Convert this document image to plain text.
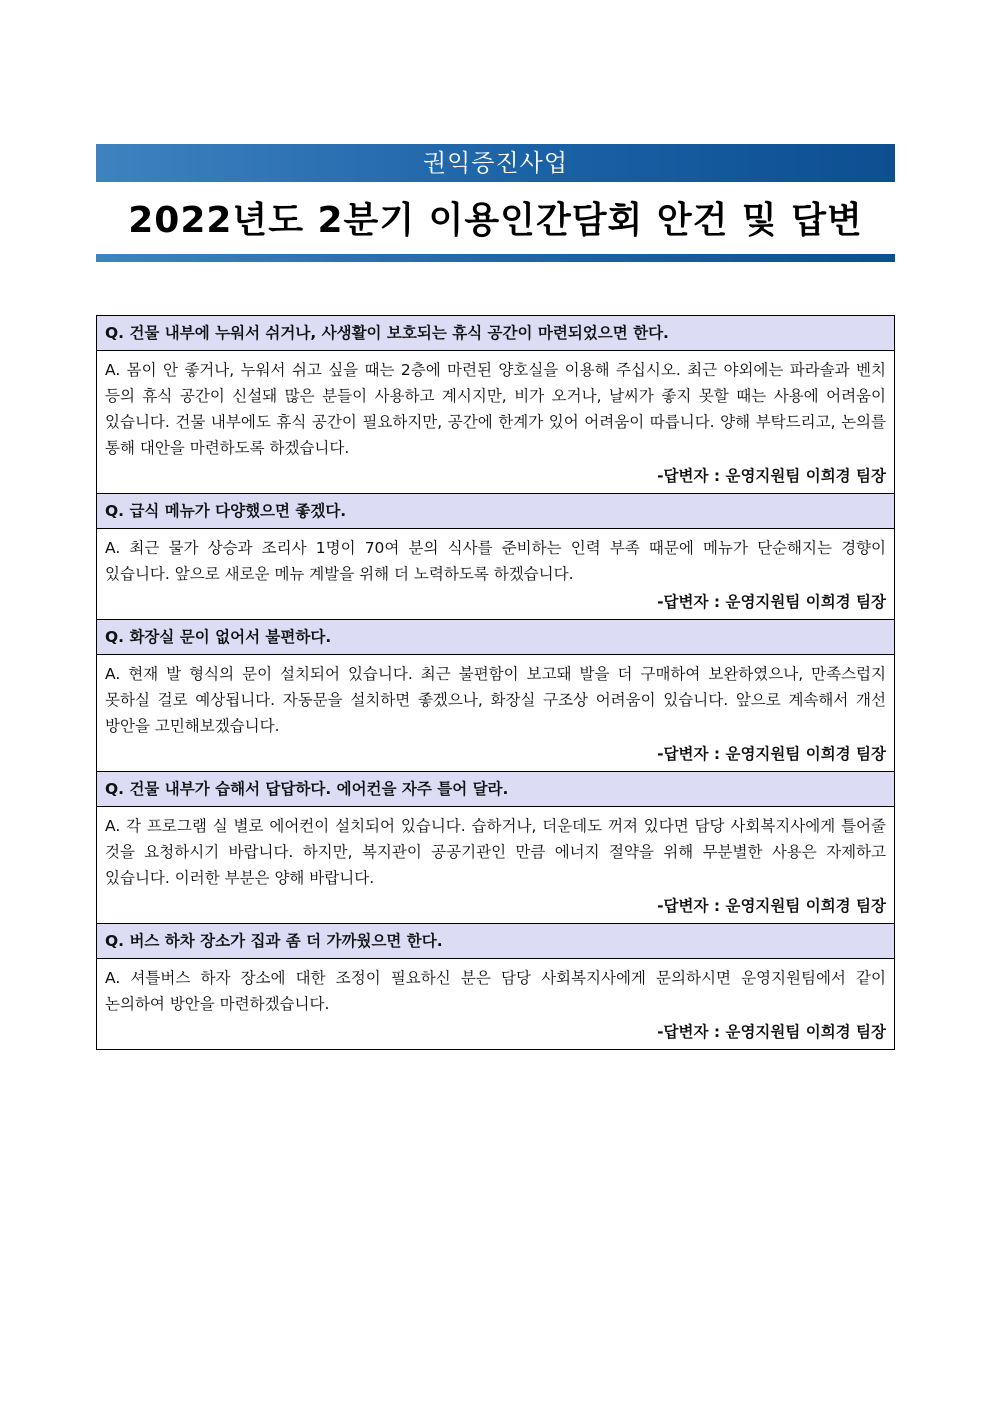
권익증진사업
2022년도 2분기 이용인간담회 안건 및 답변
Q. 건물 내부에 누워서 쉬거나, 사생활이 보호되는 휴식 공간이 마련되었으면 한다.
A. 몸이 안 좋거나, 누워서 쉬고 싶을 때는 2층에 마련된 양호실을 이용해 주십시오. 최근 야외에는 파라솔과 벤치 등의 휴식 공간이 신설돼 많은 분들이 사용하고 계시지만, 비가 오거나, 날씨가 좋지 못할 때는 사용에 어려움이 있습니다. 건물 내부에도 휴식 공간이 필요하지만, 공간에 한계가 있어 어려움이 따릅니다. 양해 부탁드리고, 논의를 통해 대안을 마련하도록 하겠습니다.
-답변자 : 운영지원팀 이희경 팀장
Q. 급식 메뉴가 다양했으면 좋겠다.
A. 최근 물가 상승과 조리사 1명이 70여 분의 식사를 준비하는 인력 부족 때문에 메뉴가 단순해지는 경향이 있습니다. 앞으로 새로운 메뉴 계발을 위해 더 노력하도록 하겠습니다.
-답변자 : 운영지원팀 이희경 팀장
Q. 화장실 문이 없어서 불편하다.
A. 현재 발 형식의 문이 설치되어 있습니다. 최근 불편함이 보고돼 발을 더 구매하여 보완하였으나, 만족스럽지 못하실 걸로 예상됩니다. 자동문을 설치하면 좋겠으나, 화장실 구조상 어려움이 있습니다. 앞으로 계속해서 개선 방안을 고민해보겠습니다.
-답변자 : 운영지원팀 이희경 팀장
Q. 건물 내부가 습해서 답답하다. 에어컨을 자주 틀어 달라.
A. 각 프로그램 실 별로 에어컨이 설치되어 있습니다. 습하거나, 더운데도 꺼져 있다면 담당 사회복지사에게 틀어줄 것을 요청하시기 바랍니다. 하지만, 복지관이 공공기관인 만큼 에너지 절약을 위해 무분별한 사용은 자제하고 있습니다. 이러한 부분은 양해 바랍니다.
-답변자 : 운영지원팀 이희경 팀장
Q. 버스 하차 장소가 집과 좀 더 가까웠으면 한다.
A. 셔틀버스 하자 장소에 대한 조정이 필요하신 분은 담당 사회복지사에게 문의하시면 운영지원팀에서 같이 논의하여 방안을 마련하겠습니다.
-답변자 : 운영지원팀 이희경 팀장
